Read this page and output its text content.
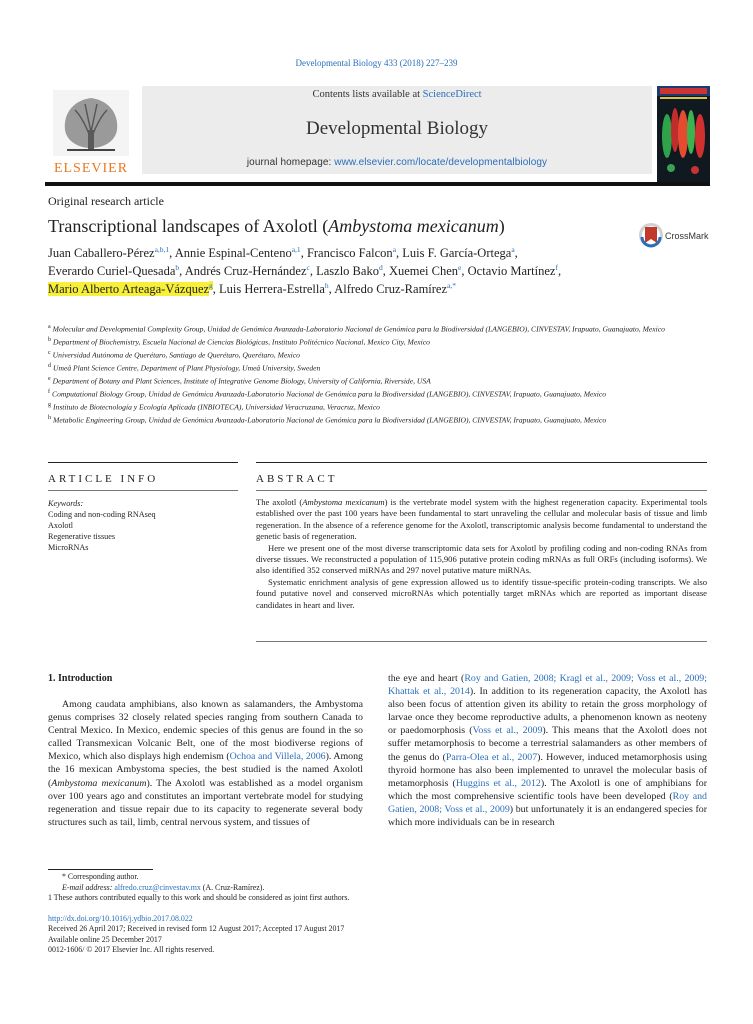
Developmental Biology 433 (2018) 227–239
ELSEVIER
Contents lists available at ScienceDirect
Developmental Biology
journal homepage: www.elsevier.com/locate/developmentalbiology
Original research article
Transcriptional landscapes of Axolotl (Ambystoma mexicanum)	CrossMark
Juan Caballero-Pérez$^{a,b,1}$, Annie Espinal-Centeno$^{a,1}$, Francisco Falcon$^a$, Luis F. García-Ortega$^a$, Everardo Curiel-Quesada$^b$, Andrés Cruz-Hernández$^c$, Laszlo Bako$^d$, Xuemei Chen$^e$, Octavio Martínez$^f$, Mario Alberto Arteaga-Vázquez$^g$, Luis Herrera-Estrella$^h$, Alfredo Cruz-Ramírez$^{a,*}$
$^a$ Molecular and Developmental Complexity Group, Unidad de Genómica Avanzada-Laboratorio Nacional de Genómica para la Biodiversidad (LANGEBIO), CINVESTAV, Irapuato, Guanajuato, Mexico
$^b$ Department of Biochemistry, Escuela Nacional de Ciencias Biológicas, Instituto Politécnico Nacional, Mexico City, Mexico
$^c$ Universidad Autónoma de Querétaro, Santiago de Querétaro, Querétaro, Mexico
$^d$ Umeå Plant Science Centre, Department of Plant Physiology, Umeå University, Sweden
$^e$ Department of Botany and Plant Sciences, Institute of Integrative Genome Biology, University of California, Riverside, USA
$^f$ Computational Biology Group, Unidad de Genómica Avanzada-Laboratorio Nacional de Genómica para la Biodiversidad (LANGEBIO), CINVESTAV, Irapuato, Guanajuato, Mexico
$^g$ Instituto de Biotecnología y Ecología Aplicada (INBIOTECA), Universidad Veracruzana, Veracruz, Mexico
$^h$ Metabolic Engineering Group, Unidad de Genómica Avanzada-Laboratorio Nacional de Genómica para la Biodiversidad (LANGEBIO), CINVESTAV, Irapuato, Guanajuato, Mexico
ARTICLE INFO	ABSTRACT
Keywords:
Coding and non-coding RNAseq
Axolotl
Regenerative tissues
MicroRNAs

The axolotl (Ambystoma mexicanum) is the vertebrate model system with the highest regeneration capacity. Experimental tools established over the past 100 years have been fundamental to start unraveling the cellular and molecular basis of tissue and limb regeneration. In the absence of a reference genome for the Axolotl, transcriptomic analysis become fundamental to understand the genetic basis of regeneration.

Here we present one of the most diverse transcriptomic data sets for Axolotl by profiling coding and non-coding RNAs from diverse tissues. We reconstructed a population of 115,906 putative protein coding mRNAs as full ORFs (including isoforms). We also identified 352 conserved miRNAs and 297 novel putative mature miRNAs.

Systematic enrichment analysis of gene expression allowed us to identify tissue-specific protein-coding transcripts. We also found putative novel and conserved microRNAs which potentially target mRNAs which are reported as important disease candidates in heart and liver.

1. Introduction

Among caudata amphibians, also known as salamanders, the Ambystoma genus comprises 32 closely related species ranging from southern Canada to Central Mexico. In Mexico, endemic species of this genus are found in the so called Transmexican Volcanic Belt, one of the most biodiverse regions of Mexico, which also displays high endemism (Ochoa and Villela, 2006). Among the 16 mexican Ambystoma species, the best studied is the named Axolotl (Ambystoma mexicanum). The Axolotl was established as a model organism over 100 years ago and constitutes an important vertebrate model for studying regeneration and tissue repair due to its capacity to regenerate several body structures such as tail, limb, central nervous system, and tissues of

the eye and heart (Roy and Gatien, 2008; Kragl et al., 2009; Voss et al., 2009; Khattak et al., 2014). In addition to its regeneration capacity, the Axolotl has also been focus of attention given its ability to retain the gross morphology of larvae once they become reproductive adults, a phenomenon known as neoteny or paedomorphosis (Voss et al., 2009). This means that the Axolotl does not suffer metamorphosis to become a terrestrial salamanders as other members of the genus do (Parra-Olea et al., 2007). However, induced metamorphosis using thyroid hormone has also been implemented to unravel the molecular basis of metamorphosis (Huggins et al., 2012). The Axolotl is one of amphibians for which the most comprehensive scientific tools have been developed (Roy and Gatien, 2008; Voss et al., 2009) but unfortunately it is an endangered species for which more individuals can be in research

* Corresponding author.
E-mail address: alfredo.cruz@cinvestav.mx (A. Cruz-Ramírez).
1 These authors contributed equally to this work and should be considered as joint first authors.
http://dx.doi.org/10.1016/j.ydbio.2017.08.022
Received 26 April 2017; Received in revised form 12 August 2017; Accepted 17 August 2017
Available online 25 December 2017
0012-1606/ © 2017 Elsevier Inc. All rights reserved.
